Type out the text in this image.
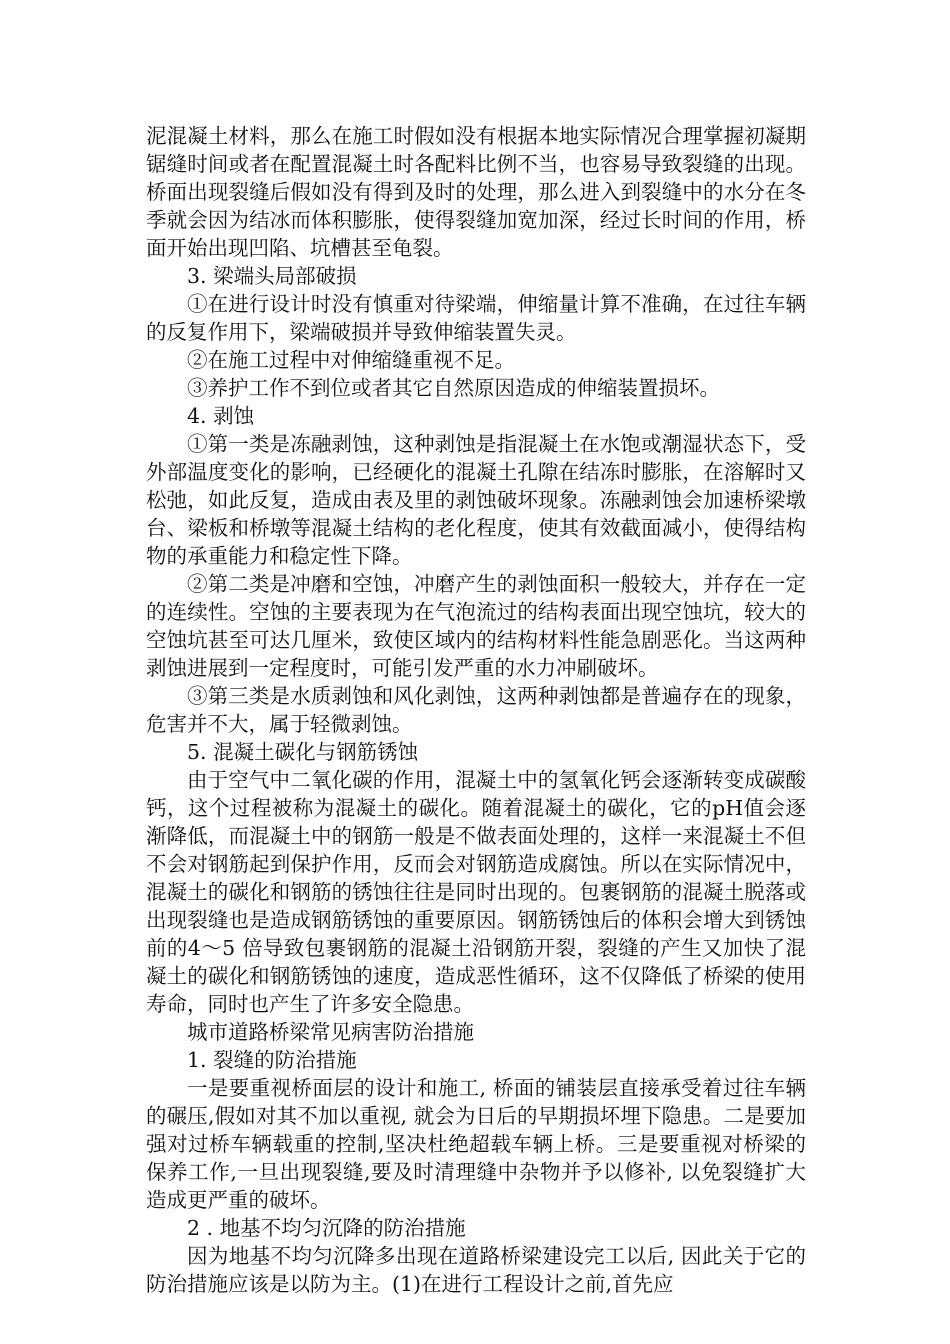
泥混凝土材料，那么在施工时假如没有根据本地实际情况合理掌握初凝期锯缝时间或者在配置混凝土时各配料比例不当，也容易导致裂缝的出现。桥面出现裂缝后假如没有得到及时的处理，那么进入到裂缝中的水分在冬季就会因为结冰而体积膨胀，使得裂缝加宽加深，经过长时间的作用，桥面开始出现凹陷、坑槽甚至龟裂。

3. 梁端头局部破损

①在进行设计时没有慎重对待梁端，伸缩量计算不准确，在过往车辆的反复作用下，梁端破损并导致伸缩装置失灵。

②在施工过程中对伸缩缝重视不足。

③养护工作不到位或者其它自然原因造成的伸缩装置损坏。

4. 剥蚀

①第一类是冻融剥蚀，这种剥蚀是指混凝土在水饱或潮湿状态下，受外部温度变化的影响，已经硬化的混凝土孔隙在结冻时膨胀，在溶解时又松弛，如此反复，造成由表及里的剥蚀破坏现象。冻融剥蚀会加速桥梁墩台、梁板和桥墩等混凝土结构的老化程度，使其有效截面减小，使得结构物的承重能力和稳定性下降。

②第二类是冲磨和空蚀，冲磨产生的剥蚀面积一般较大，并存在一定的连续性。空蚀的主要表现为在气泡流过的结构表面出现空蚀坑，较大的空蚀坑甚至可达几厘米，致使区域内的结构材料性能急剧恶化。当这两种剥蚀进展到一定程度时，可能引发严重的水力冲刷破坏。

③第三类是水质剥蚀和风化剥蚀，这两种剥蚀都是普遍存在的现象，危害并不大，属于轻微剥蚀。

5. 混凝土碳化与钢筋锈蚀

由于空气中二氧化碳的作用，混凝土中的氢氧化钙会逐渐转变成碳酸钙，这个过程被称为混凝土的碳化。随着混凝土的碳化，它的pH值会逐渐降低，而混凝土中的钢筋一般是不做表面处理的，这样一来混凝土不但不会对钢筋起到保护作用，反而会对钢筋造成腐蚀。所以在实际情况中，混凝土的碳化和钢筋的锈蚀往往是同时出现的。包裹钢筋的混凝土脱落或出现裂缝也是造成钢筋锈蚀的重要原因。钢筋锈蚀后的体积会增大到锈蚀前的4～5 倍导致包裹钢筋的混凝土沿钢筋开裂，裂缝的产生又加快了混凝土的碳化和钢筋锈蚀的速度，造成恶性循环，这不仅降低了桥梁的使用寿命，同时也产生了许多安全隐患。

城市道路桥梁常见病害防治措施

1. 裂缝的防治措施

一是要重视桥面层的设计和施工, 桥面的铺装层直接承受着过往车辆的碾压,假如对其不加以重视, 就会为日后的早期损坏埋下隐患。二是要加强对过桥车辆载重的控制,坚决杜绝超载车辆上桥。三是要重视对桥梁的保养工作,一旦出现裂缝,要及时清理缝中杂物并予以修补, 以免裂缝扩大造成更严重的破坏。

2 . 地基不均匀沉降的防治措施

因为地基不均匀沉降多出现在道路桥梁建设完工以后, 因此关于它的防治措施应该是以防为主。(1)在进行工程设计之前,首先应
